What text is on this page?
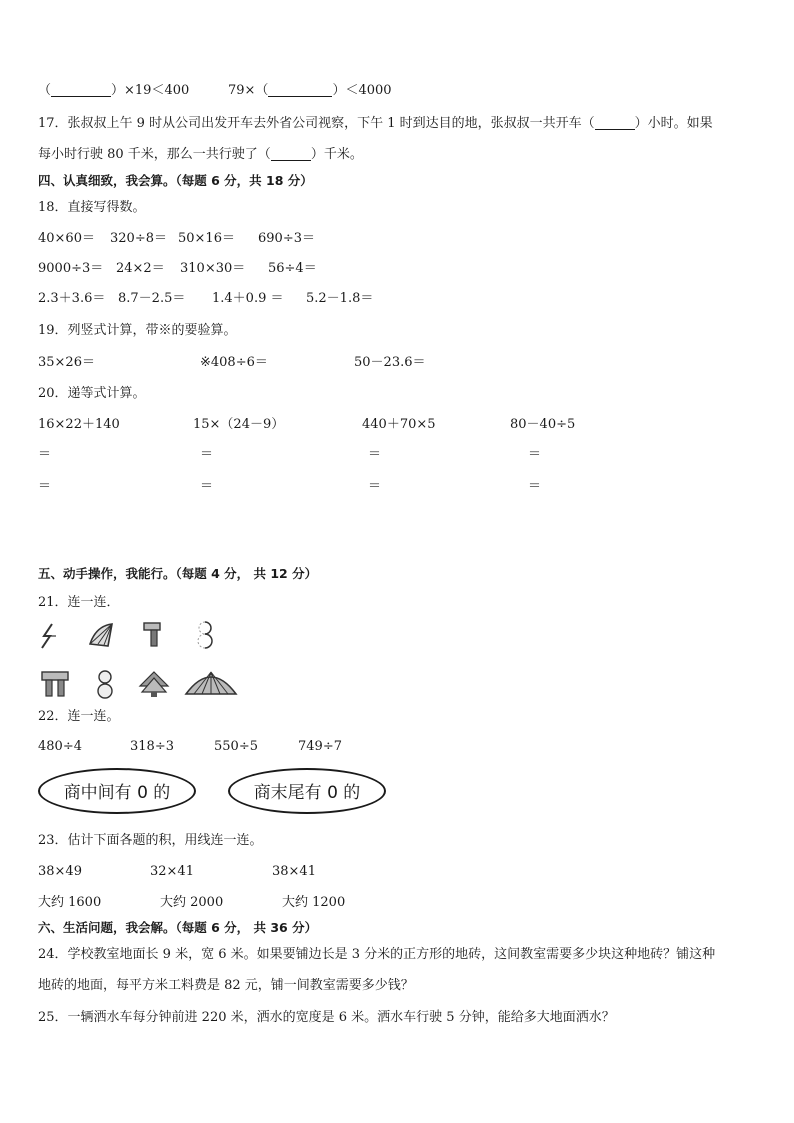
（	）×19＜400	79×（	）＜4000
17．张叔叔上午 9 时从公司出发开车去外省公司视察，下午 1 时到达目的地，张叔叔一共开车（	）小时。如果
每小时行驶 80 千米，那么一共行驶了（	）千米。
四、认真细致，我会算。（每题 6 分，共 18 分）
18．直接写得数。
40×60＝ 320÷8＝ 50×16＝ 690÷3＝
9000÷3＝ 24×2＝ 310×30＝ 56÷4＝
2.3＋3.6＝ 8.7－2.5＝ 1.4＋0.9 ＝ 5.2－1.8＝
19．列竖式计算，带※的要验算。
35×26＝	※408÷6＝	50－23.6＝
20．递等式计算。
16×22＋140	15×（24－9）	440＋70×5	80－40÷5
＝	＝	＝	＝
＝	＝	＝	＝
五、动手操作，我能行。（每题 4 分， 共 12 分）
21．连一连．
22．连一连。
480÷4	318÷3	550÷5	749÷7
商中间有 0 的	商末尾有 0 的
23．估计下面各题的积，用线连一连。
38×49	32×41	38×41
大约 1600	大约 2000	大约 1200
六、生活问题，我会解。（每题 6 分， 共 36 分）
24．学校教室地面长 9 米，宽 6 米。如果要铺边长是 3 分米的正方形的地砖，这间教室需要多少块这种地砖？铺这种
地砖的地面，每平方米工料费是 82 元，铺一间教室需要多少钱？
25．一辆洒水车每分钟前进 220 米，洒水的宽度是 6 米。洒水车行驶 5 分钟，能给多大地面洒水？
